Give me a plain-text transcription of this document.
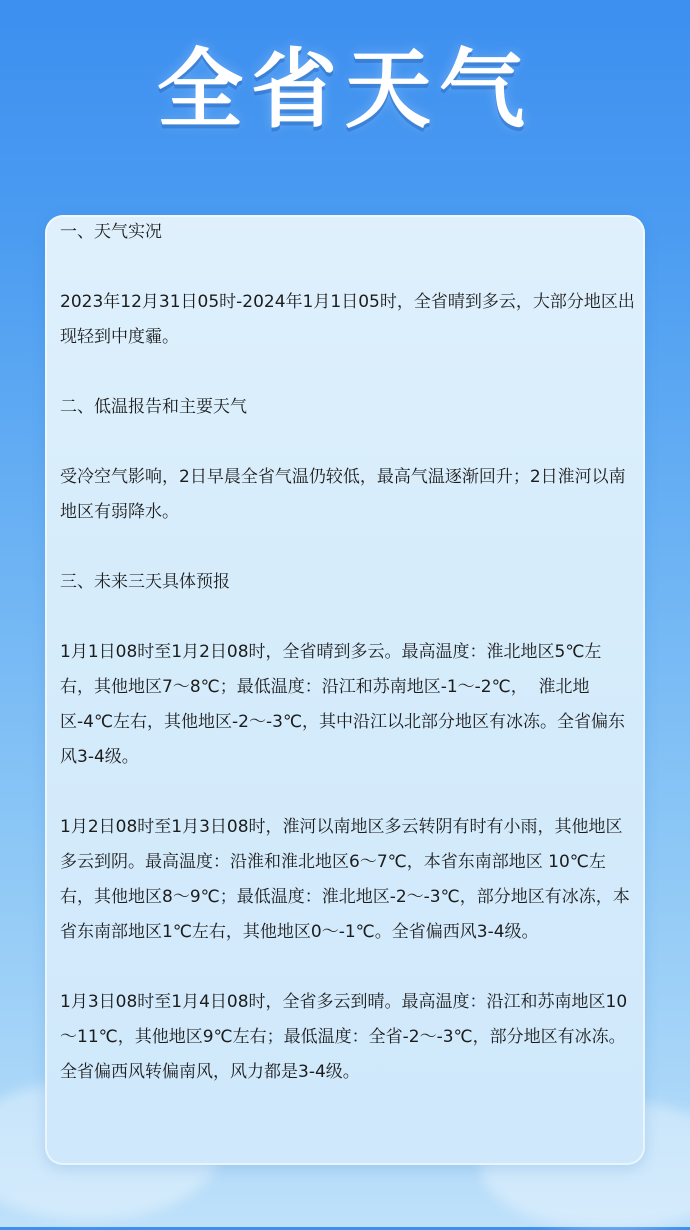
全省天气

一、天气实况

2023年12月31日05时-2024年1月1日05时，全省晴到多云，大部分地区出现轻到中度霾。

二、低温报告和主要天气

受冷空气影响，2日早晨全省气温仍较低，最高气温逐渐回升；2日淮河以南地区有弱降水。

三、未来三天具体预报

1月1日08时至1月2日08时，全省晴到多云。最高温度：淮北地区5℃左右，其他地区7～8℃；最低温度：沿江和苏南地区-1～-2℃，  淮北地区-4℃左右，其他地区-2～-3℃，其中沿江以北部分地区有冰冻。全省偏东风3-4级。

1月2日08时至1月3日08时，淮河以南地区多云转阴有时有小雨，其他地区多云到阴。最高温度：沿淮和淮北地区6～7℃，本省东南部地区 10℃左右，其他地区8～9℃；最低温度：淮北地区-2～-3℃，部分地区有冰冻，本省东南部地区1℃左右，其他地区0～-1℃。全省偏西风3-4级。

1月3日08时至1月4日08时，全省多云到晴。最高温度：沿江和苏南地区10～11℃，其他地区9℃左右；最低温度：全省-2～-3℃，部分地区有冰冻。全省偏西风转偏南风，风力都是3-4级。
